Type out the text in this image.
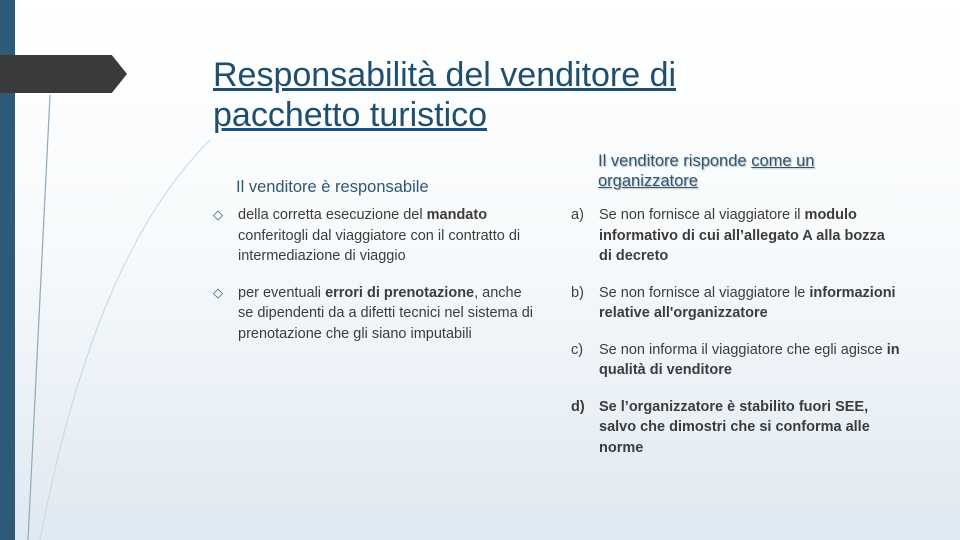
Responsabilità del venditore di pacchetto turistico
Il venditore è responsabile
Il venditore risponde come un organizzatore
◇	della corretta esecuzione del mandato conferitogli dal viaggiatore con il contratto di intermediazione di viaggio
◇	per eventuali errori di prenotazione, anche se dipendenti da a difetti tecnici nel sistema di prenotazione che gli siano imputabili
a)	Se non fornisce al viaggiatore il modulo informativo di cui all’allegato A alla bozza di decreto
b)	Se non fornisce al viaggiatore le informazioni relative all'organizzatore
c)	Se non informa il viaggiatore che egli agisce in qualità di venditore
d) Se l’organizzatore è stabilito fuori SEE, salvo che dimostri che si conforma alle norme
